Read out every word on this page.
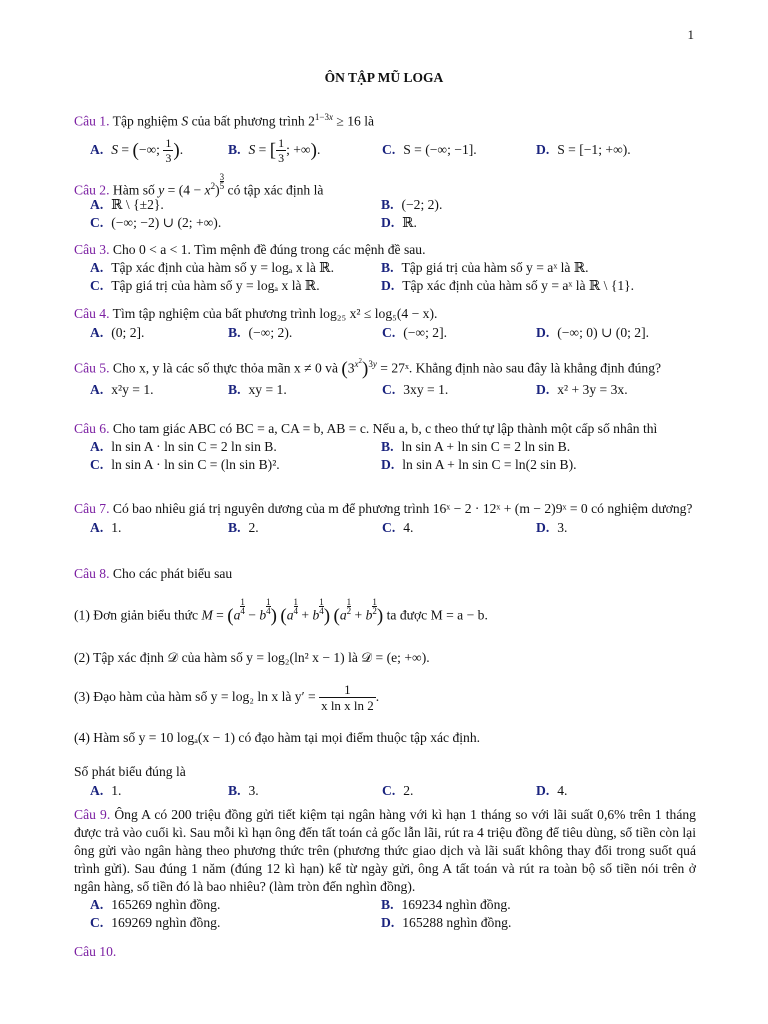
1
ÔN TẬP MŨ LOGA
Câu 1. Tập nghiệm S của bất phương trình $2^{1-3x} \ge 16$ là
A. S = (−∞; $\frac{1}{3}$ ).	B. S = [ $\frac{1}{3}$ ; +∞).	C. S = (−∞; −1].	D. S = [−1; +∞).
Câu 2. Hàm số $y = (4 - x^2) \frac{3}{5}$ có tập xác định là
A. ℝ \ {±2}.	B. (−2; 2).
C. (−∞; −2) ∪ (2; +∞).	D. ℝ.
Câu 3. Cho 0 < a < 1. Tìm mệnh đề đúng trong các mệnh đề sau.
A. Tập xác định của hàm số y = logₐ x là ℝ.	B. Tập giá trị của hàm số y = aˣ là ℝ.
C. Tập giá trị của hàm số y = logₐ x là ℝ.	D. Tập xác định của hàm số y = aˣ là ℝ \ {1}.
Câu 4. Tìm tập nghiệm của bất phương trình log₂₅ x² ≤ log₅(4 − x).
A. (0; 2].	B. (−∞; 2).	C. (−∞; 2].	D. (−∞; 0) ∪ (0; 2].
Câu 5. Cho x, y là các số thực thỏa mãn x ≠ 0 và $(3^{x^2})^{3y}$ = 27ˣ. Khẳng định nào sau đây là khẳng định đúng?
A. x²y = 1.	B. xy = 1.	C. 3xy = 1.	D. x² + 3y = 3x.
Câu 6. Cho tam giác ABC có BC = a, CA = b, AB = c. Nếu a, b, c theo thứ tự lập thành một cấp số nhân thì
A. ln sin A · ln sin C = 2 ln sin B.	B. ln sin A + ln sin C = 2 ln sin B.
C. ln sin A · ln sin C = (ln sin B)².	D. ln sin A + ln sin C = ln(2 sin B).
Câu 7. Có bao nhiêu giá trị nguyên dương của m để phương trình 16ˣ − 2 · 12ˣ + (m − 2)9ˣ = 0 có nghiệm dương?
A. 1.	B. 2.	C. 4.	D. 3.
Câu 8. Cho các phát biểu sau
(1) Đơn giản biểu thức $M = (a \frac{1}{4} - b \frac{1}{4}$ ) ($a \frac{1}{4} + b \frac{1}{4}$ ) ($a \frac{1}{2} + b \frac{1}{2}$ ) ta được M = a − b.
(2) Tập xác định 𝒟 của hàm số y = log₂(ln² x − 1) là 𝒟 = (e; +∞).
(3) Đạo hàm của hàm số y = log₂ ln x là $y' = \frac{1}{\text{x ln x ln 2}}$ .
(4) Hàm số y = 10 logₐ(x − 1) có đạo hàm tại mọi điểm thuộc tập xác định.
Số phát biểu đúng là
A. 1.	B. 3.	C. 2.	D. 4.
Câu 9. Ông A có 200 triệu đồng gửi tiết kiệm tại ngân hàng với kì hạn 1 tháng so với lãi suất 0,6% trên 1 tháng được trả vào cuối kì. Sau mỗi kì hạn ông đến tất toán cả gốc lẫn lãi, rút ra 4 triệu đồng để tiêu dùng, số tiền còn lại ông gửi vào ngân hàng theo phương thức trên (phương thức giao dịch và lãi suất không thay đổi trong suốt quá trình gửi). Sau đúng 1 năm (đúng 12 kì hạn) kể từ ngày gửi, ông A tất toán và rút ra toàn bộ số tiền nói trên ở ngân hàng, số tiền đó là bao nhiêu? (làm tròn đến nghìn đồng).
A. 165269 nghìn đồng.	B. 169234 nghìn đồng.
C. 169269 nghìn đồng.	D. 165288 nghìn đồng.
Câu 10.
